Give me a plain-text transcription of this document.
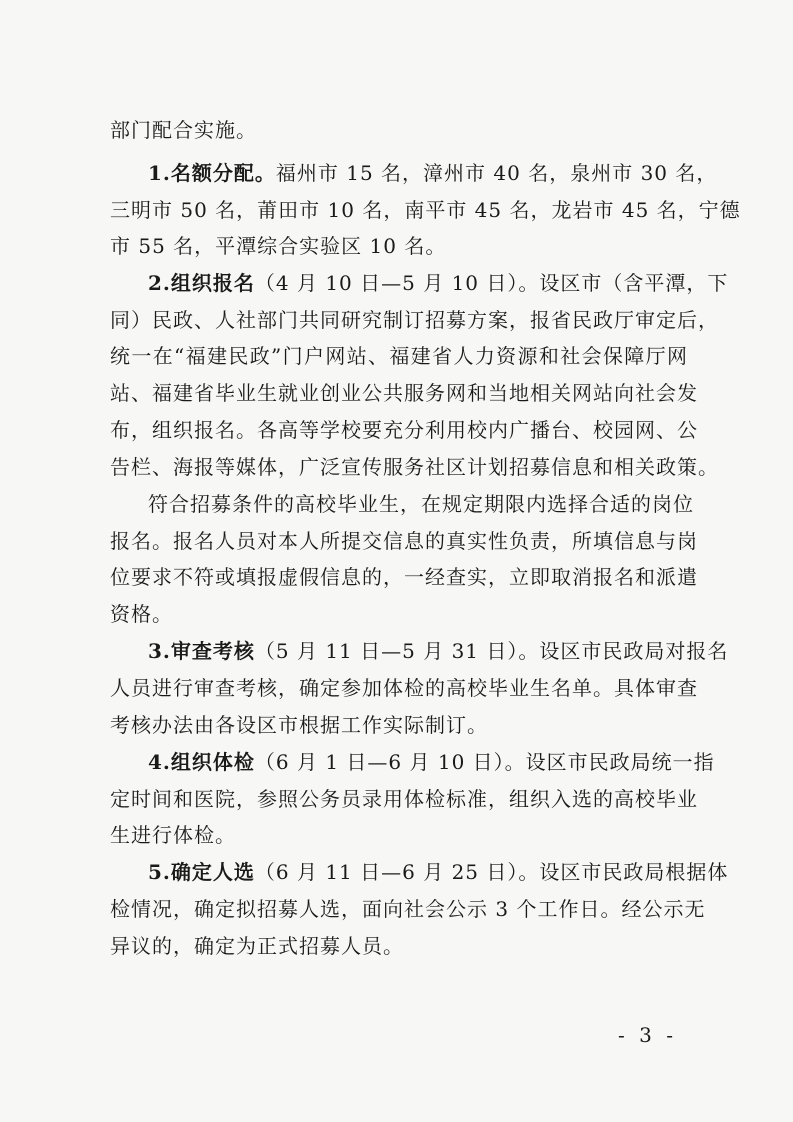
部门配合实施。
1.名额分配。福州市 15 名，漳州市 40 名，泉州市 30 名，
三明市 50 名，莆田市 10 名，南平市 45 名，龙岩市 45 名，宁德
市 55 名，平潭综合实验区 10 名。
2.组织报名（4 月 10 日—5 月 10 日）。设区市（含平潭，下
同）民政、人社部门共同研究制订招募方案，报省民政厅审定后，
统一在“福建民政”门户网站、福建省人力资源和社会保障厅网
站、福建省毕业生就业创业公共服务网和当地相关网站向社会发
布，组织报名。各高等学校要充分利用校内广播台、校园网、公
告栏、海报等媒体，广泛宣传服务社区计划招募信息和相关政策。
符合招募条件的高校毕业生，在规定期限内选择合适的岗位
报名。报名人员对本人所提交信息的真实性负责，所填信息与岗
位要求不符或填报虚假信息的，一经查实，立即取消报名和派遣
资格。
3.审查考核（5 月 11 日—5 月 31 日）。设区市民政局对报名
人员进行审查考核，确定参加体检的高校毕业生名单。具体审查
考核办法由各设区市根据工作实际制订。
4.组织体检（6 月 1 日—6 月 10 日）。设区市民政局统一指
定时间和医院，参照公务员录用体检标准，组织入选的高校毕业
生进行体检。
5.确定人选（6 月 11 日—6 月 25 日）。设区市民政局根据体
检情况，确定拟招募人选，面向社会公示 3 个工作日。经公示无
异议的，确定为正式招募人员。
- 3 -
